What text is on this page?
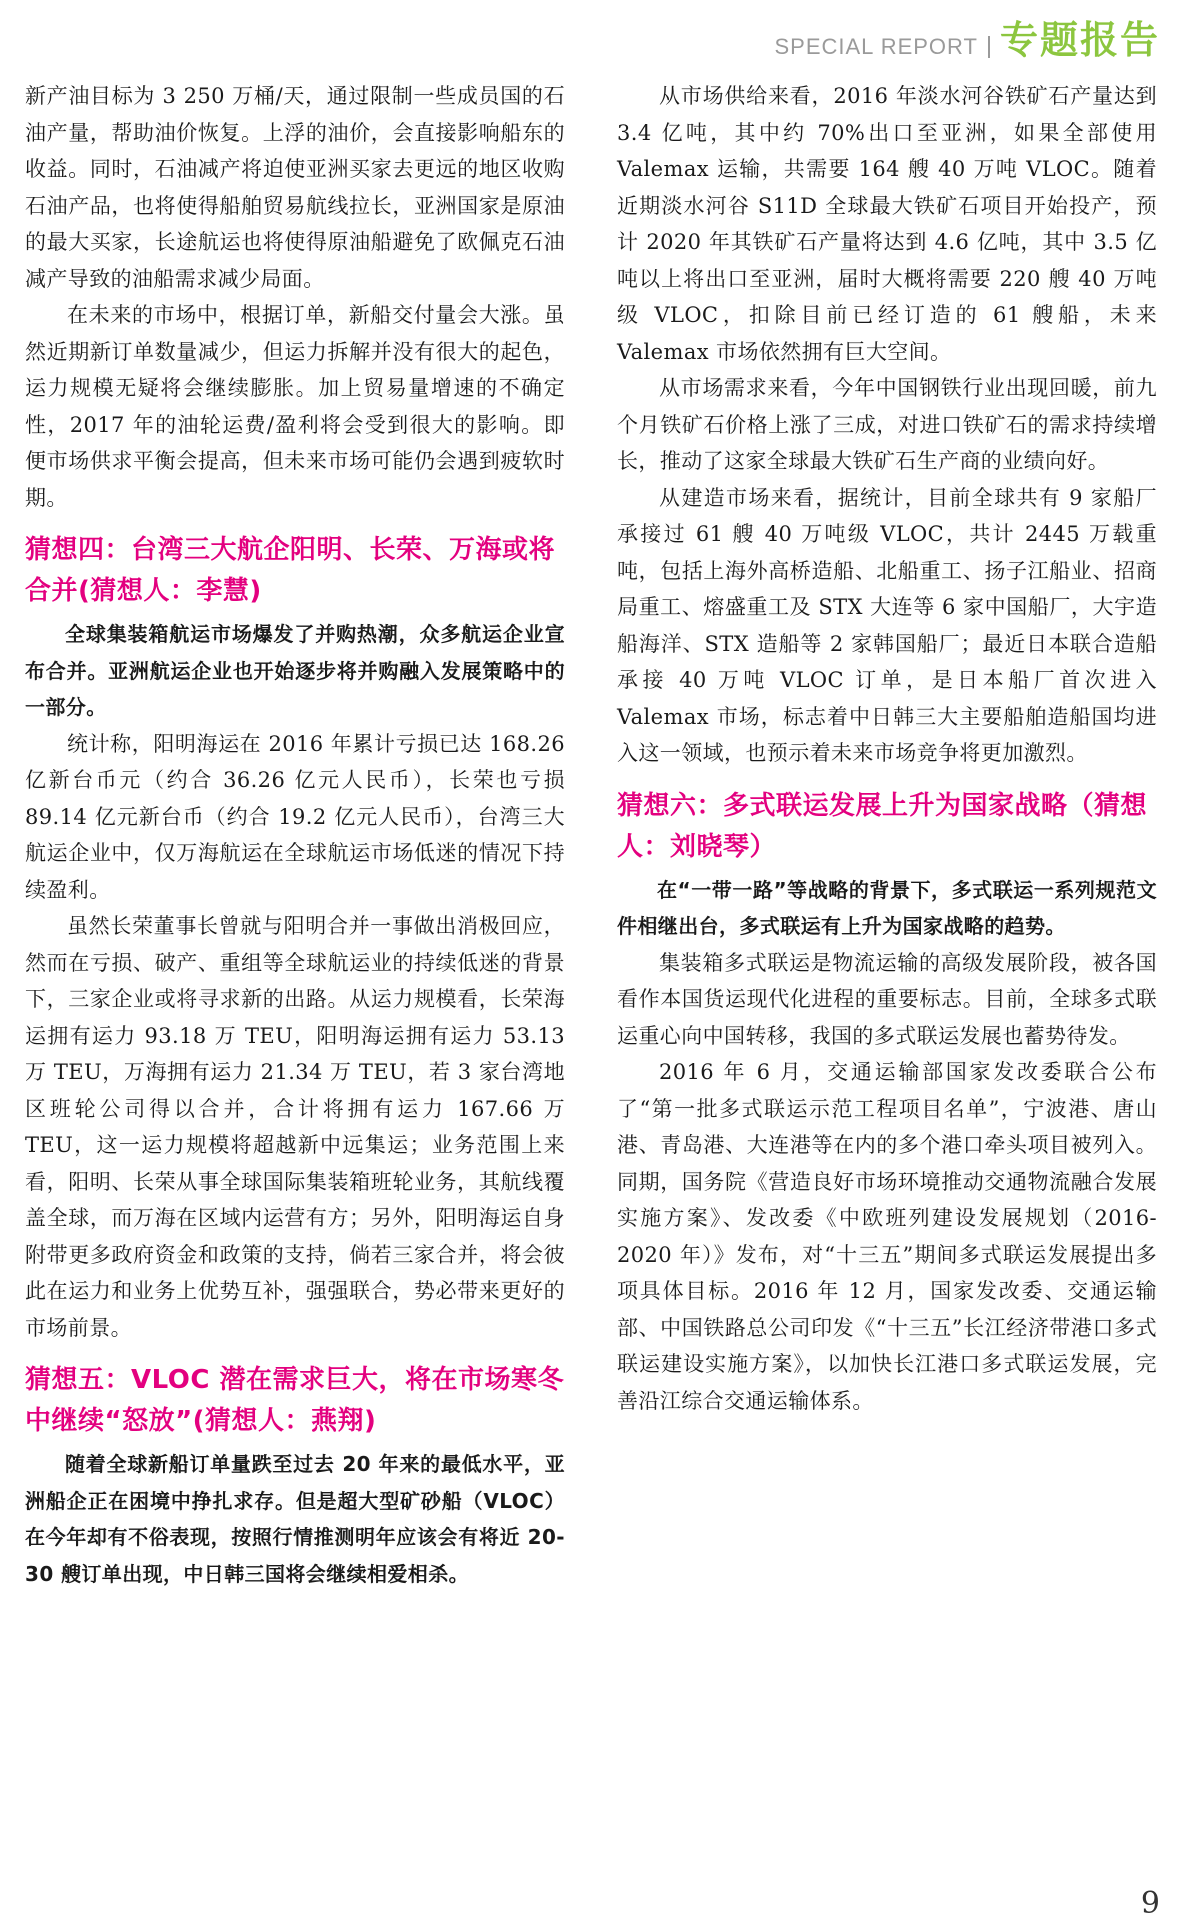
SPECIAL REPORT 专题报告

新产油目标为 3 250 万桶/天，通过限制一些成员国的石油产量，帮助油价恢复。上浮的油价，会直接影响船东的收益。同时，石油减产将迫使亚洲买家去更远的地区收购石油产品，也将使得船舶贸易航线拉长，亚洲国家是原油的最大买家，长途航运也将使得原油船避免了欧佩克石油减产导致的油船需求减少局面。

在未来的市场中，根据订单，新船交付量会大涨。虽然近期新订单数量减少，但运力拆解并没有很大的起色，运力规模无疑将会继续膨胀。加上贸易量增速的不确定性，2017 年的油轮运费/盈利将会受到很大的影响。即便市场供求平衡会提高，但未来市场可能仍会遇到疲软时期。

猜想四：台湾三大航企阳明、长荣、万海或将合并(猜想人：李慧)

全球集装箱航运市场爆发了并购热潮，众多航运企业宣布合并。亚洲航运企业也开始逐步将并购融入发展策略中的一部分。

统计称，阳明海运在 2016 年累计亏损已达 168.26 亿新台币元（约合 36.26 亿元人民币），长荣也亏损 89.14 亿元新台币（约合 19.2 亿元人民币），台湾三大航运企业中，仅万海航运在全球航运市场低迷的情况下持续盈利。

虽然长荣董事长曾就与阳明合并一事做出消极回应，然而在亏损、破产、重组等全球航运业的持续低迷的背景下，三家企业或将寻求新的出路。从运力规模看，长荣海运拥有运力 93.18 万 TEU，阳明海运拥有运力 53.13 万 TEU，万海拥有运力 21.34 万 TEU，若 3 家台湾地区班轮公司得以合并，合计将拥有运力 167.66 万 TEU，这一运力规模将超越新中远集运；业务范围上来看，阳明、长荣从事全球国际集装箱班轮业务，其航线覆盖全球，而万海在区域内运营有方；另外，阳明海运自身附带更多政府资金和政策的支持，倘若三家合并，将会彼此在运力和业务上优势互补，强强联合，势必带来更好的市场前景。

猜想五：VLOC 潜在需求巨大，将在市场寒冬中继续“怒放”(猜想人：燕翔)

随着全球新船订单量跌至过去 20 年来的最低水平，亚洲船企正在困境中挣扎求存。但是超大型矿砂船（VLOC）在今年却有不俗表现，按照行情推测明年应该会有将近 20-30 艘订单出现，中日韩三国将会继续相爱相杀。

从市场供给来看，2016 年淡水河谷铁矿石产量达到 3.4 亿吨，其中约 70%出口至亚洲，如果全部使用 Valemax 运输，共需要 164 艘 40 万吨 VLOC。随着近期淡水河谷 S11D 全球最大铁矿石项目开始投产，预计 2020 年其铁矿石产量将达到 4.6 亿吨，其中 3.5 亿吨以上将出口至亚洲，届时大概将需要 220 艘 40 万吨级 VLOC，扣除目前已经订造的 61 艘船，未来 Valemax 市场依然拥有巨大空间。

从市场需求来看，今年中国钢铁行业出现回暖，前九个月铁矿石价格上涨了三成，对进口铁矿石的需求持续增长，推动了这家全球最大铁矿石生产商的业绩向好。

从建造市场来看，据统计，目前全球共有 9 家船厂承接过 61 艘 40 万吨级 VLOC，共计 2445 万载重吨，包括上海外高桥造船、北船重工、扬子江船业、招商局重工、熔盛重工及 STX 大连等 6 家中国船厂，大宇造船海洋、STX 造船等 2 家韩国船厂；最近日本联合造船承接 40 万吨 VLOC 订单，是日本船厂首次进入 Valemax 市场，标志着中日韩三大主要船舶造船国均进入这一领域，也预示着未来市场竞争将更加激烈。

猜想六：多式联运发展上升为国家战略（猜想人：刘晓琴）

在“一带一路”等战略的背景下，多式联运一系列规范文件相继出台，多式联运有上升为国家战略的趋势。

集装箱多式联运是物流运输的高级发展阶段，被各国看作本国货运现代化进程的重要标志。目前，全球多式联运重心向中国转移，我国的多式联运发展也蓄势待发。

2016 年 6 月，交通运输部国家发改委联合公布了“第一批多式联运示范工程项目名单”，宁波港、唐山港、青岛港、大连港等在内的多个港口牵头项目被列入。同期，国务院《营造良好市场环境推动交通物流融合发展实施方案》、发改委《中欧班列建设发展规划（2016-2020 年）》发布，对“十三五”期间多式联运发展提出多项具体目标。2016 年 12 月，国家发改委、交通运输部、中国铁路总公司印发《“十三五”长江经济带港口多式联运建设实施方案》，以加快长江港口多式联运发展，完善沿江综合交通运输体系。

9
